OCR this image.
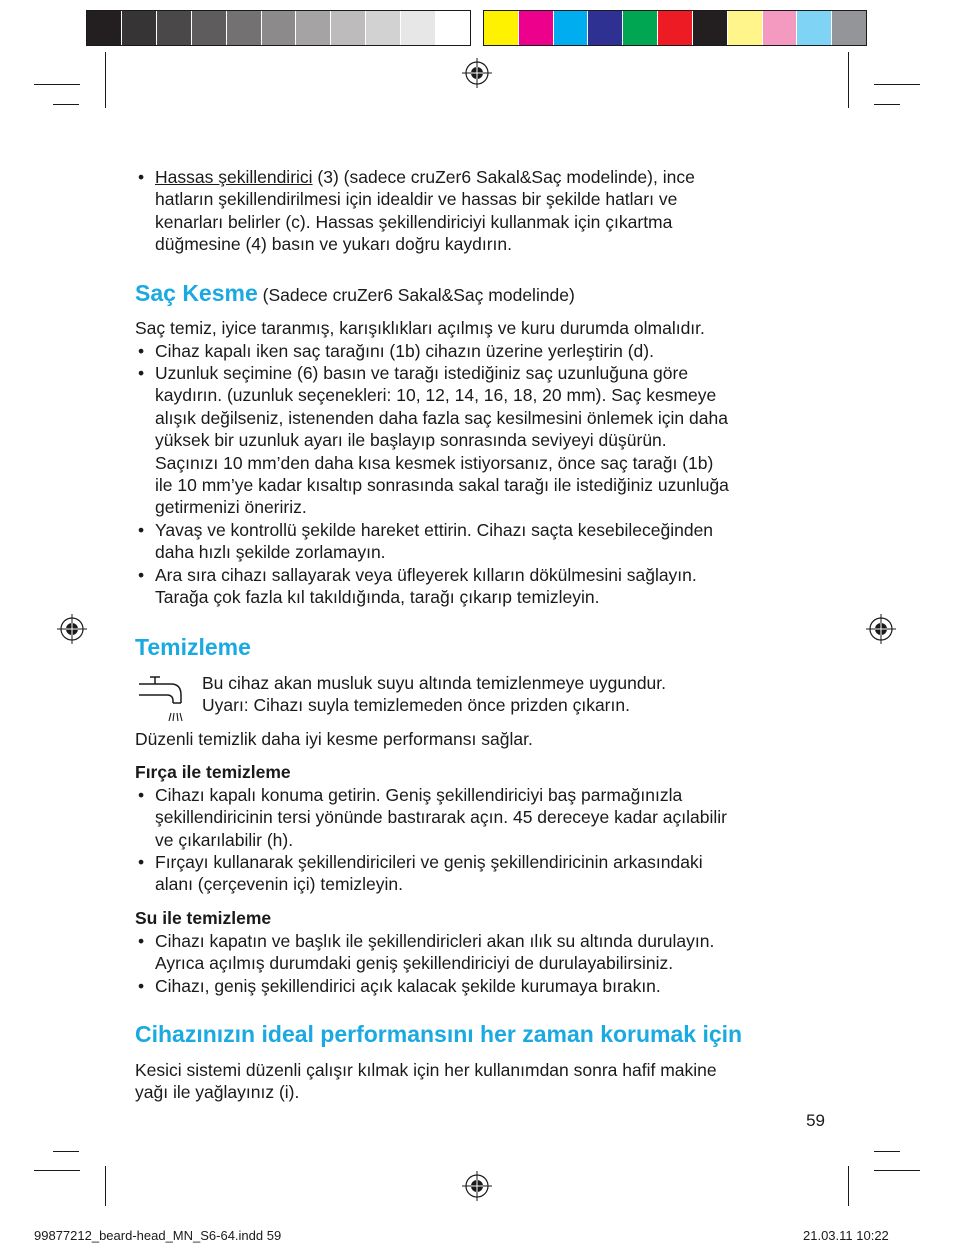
• Hassas şekillendirici (3) (sadece cruZer6 Sakal&Saç modelinde), ince
hatların şekillendirilmesi için idealdir ve hassas bir şekilde hatları ve
kenarları belirler (c). Hassas şekillendiriciyi kullanmak için çıkartma
düğmesine (4) basın ve yukarı doğru kaydırın.
Saç Kesme (Sadece cruZer6 Sakal&Saç modelinde)
Saç temiz, iyice taranmış, karışıklıkları açılmış ve kuru durumda olmalıdır.
• Cihaz kapalı iken saç tarağını (1b) cihazın üzerine yerleştirin (d).
• Uzunluk seçimine (6) basın ve tarağı istediğiniz saç uzunluğuna göre
kaydırın. (uzunluk seçenekleri: 10, 12, 14, 16, 18, 20 mm). Saç kesmeye
alışık değilseniz, istenenden daha fazla saç kesilmesini önlemek için daha
yüksek bir uzunluk ayarı ile başlayıp sonrasında seviyeyi düşürün.
Saçınızı 10 mm’den daha kısa kesmek istiyorsanız, önce saç tarağı (1b)
ile 10 mm’ye kadar kısaltıp sonrasında sakal tarağı ile istediğiniz uzunluğa
getirmenizi öneririz.
• Yavaş ve kontrollü şekilde hareket ettirin. Cihazı saçta kesebileceğinden
daha hızlı şekilde zorlamayın.
• Ara sıra cihazı sallayarak veya üfleyerek kılların dökülmesini sağlayın.
Tarağa çok fazla kıl takıldığında, tarağı çıkarıp temizleyin.
Temizleme
Bu cihaz akan musluk suyu altında temizlenmeye uygundur.
Uyarı: Cihazı suyla temizlemeden önce prizden çıkarın.
Düzenli temizlik daha iyi kesme performansı sağlar.
Fırça ile temizleme
• Cihazı kapalı konuma getirin. Geniş şekillendiriciyi baş parmağınızla
şekillendiricinin tersi yönünde bastırarak açın. 45 dereceye kadar açılabilir
ve çıkarılabilir (h).
• Fırçayı kullanarak şekillendiricileri ve geniş şekillendiricinin arkasındaki
alanı (çerçevenin içi) temizleyin.
Su ile temizleme
• Cihazı kapatın ve başlık ile şekillendiricleri akan ılık su altında durulayın.
Ayrıca açılmış durumdaki geniş şekillendiriciyi de durulayabilirsiniz.
• Cihazı, geniş şekillendirici açık kalacak şekilde kurumaya bırakın.
Cihazınızın ideal performansını her zaman korumak için
Kesici sistemi düzenli çalışır kılmak için her kullanımdan sonra hafif makine
yağı ile yağlayınız (i).
59
99877212_beard-head_MN_S6-64.indd 59	21.03.11 10:22
